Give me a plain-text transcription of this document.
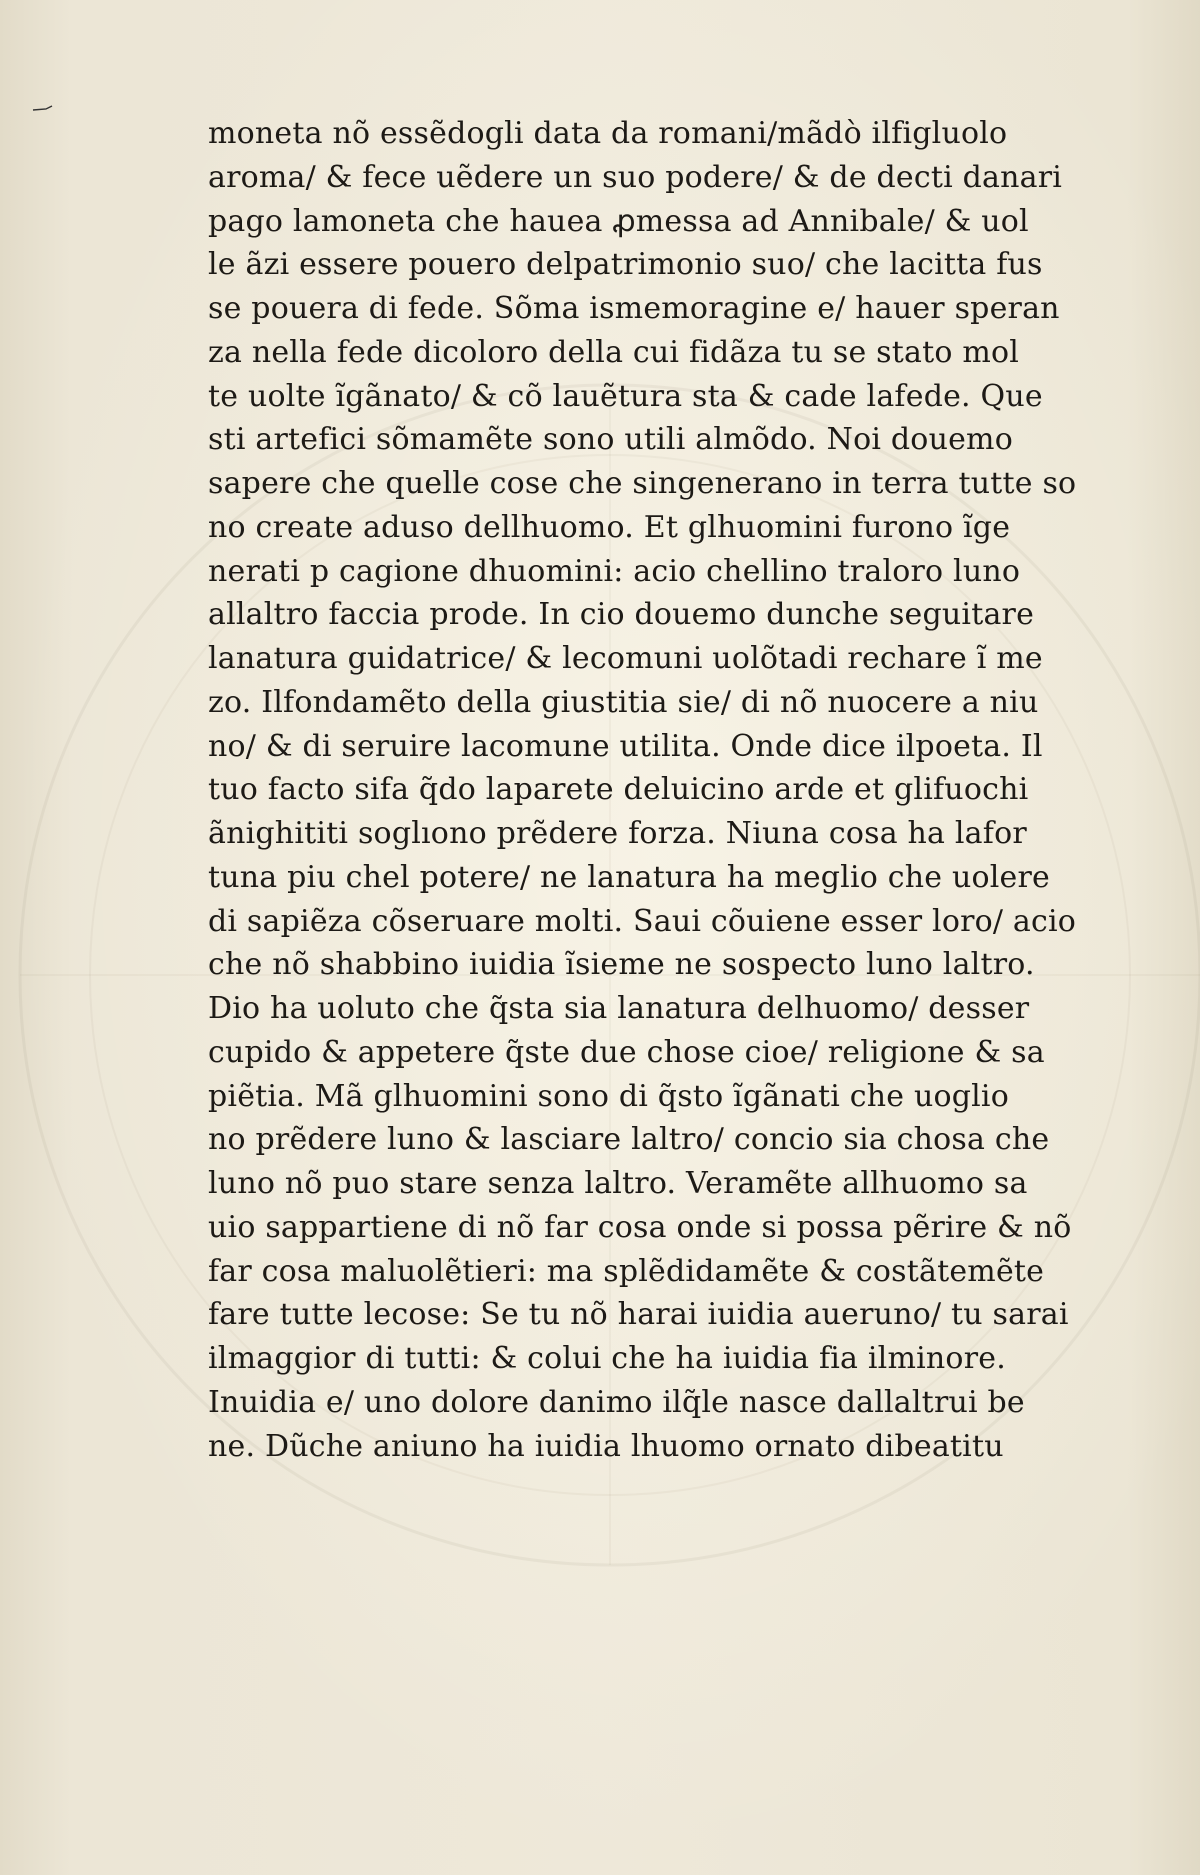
moneta nõ essẽdogli data da romani/mãdò ilfigluolo
aroma/ & fece uẽdere un suo podere/ & de decti danari
pago lamoneta che hauea ꝓmessa ad Annibale/ & uol
le ãzi essere pouero delpatrimonio suo/ che lacitta fus
se pouera di fede. Sõma ismemoragine e/ hauer speran
za nella fede dicoloro della cui fidãza tu se stato mol
te uolte ĩgãnato/ & cõ lauẽtura sta & cade lafede. Que
sti artefici sõmamẽte sono utili almõdo. Noi douemo
sapere che quelle cose che singenerano in terra tutte so
no create aduso dellhuomo. Et glhuomini furono ĩge
nerati p cagione dhuomini: acio chellino traloro luno
allaltro faccia prode. In cio douemo dunche seguitare
lanatura guidatrice/ & lecomuni uolõtadi rechare ĩ me
zo. Ilfondamẽto della giustitia sie/ di nõ nuocere a niu
no/ & di seruire lacomune utilita. Onde dice ilpoeta. Il
tuo facto sifa q̃do laparete deluicino arde et glifuochi
ãnighititi soglıono prẽdere forza. Niuna cosa ha lafor
tuna piu chel potere/ ne lanatura ha meglio che uolere
di sapiẽza cõseruare molti. Saui cõuiene esser loro/ acio
che nõ shabbino iuidia ĩsieme ne sospecto luno laltro.
Dio ha uoluto che q̃sta sia lanatura delhuomo/ desser
cupido & appetere q̃ste due chose cioe/ religione & sa
piẽtia. Mã glhuomini sono di q̃sto ĩgãnati che uoglio
no prẽdere luno & lasciare laltro/ concio sia chosa che
luno nõ puo stare senza laltro. Veramẽte allhuomo sa
uio sappartiene di nõ far cosa onde si possa pẽrire & nõ
far cosa maluolẽtieri: ma splẽdidamẽte & costãtemẽte
fare tutte lecose: Se tu nõ harai iuidia auerunο/ tu sarai
ilmaggior di tutti: & colui che ha iuidia fia ilminore.
Inuidia e/ uno dolore danimo ilq̃le nasce dallaltrui be
ne. Dũche aniuno ha iuidia lhuomo ornato dibeatitu
